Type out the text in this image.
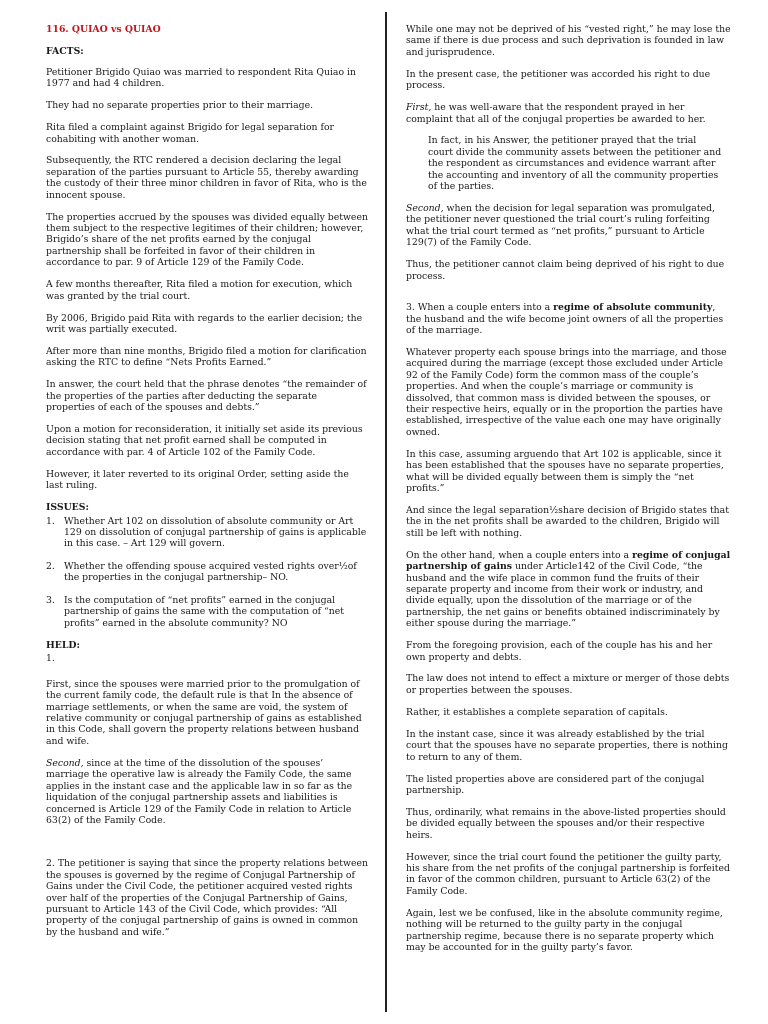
116. QUIAO vs QUIAO

FACTS:

Petitioner Brigido Quiao was married to respondent Rita Quiao in 1977 and had 4 children.

They had no separate properties prior to their marriage.

Rita filed a complaint against Brigido for legal separation for cohabiting with another woman.

Subsequently, the RTC rendered a decision declaring the legal separation of the parties pursuant to Article 55, thereby awarding the custody of their three minor children in favor of Rita, who is the innocent spouse.

The properties accrued by the spouses was divided equally between them subject to the respective legitimes of their children; however, Brigido’s share of the net profits earned by the conjugal partnership shall be forfeited in favor of their children in accordance to par. 9 of Article 129 of the Family Code.

A few months thereafter, Rita filed a motion for execution, which was granted by the trial court.

By 2006, Brigido paid Rita with regards to the earlier decision; the writ was partially executed.

After more than nine months, Brigido filed a motion for clarification asking the RTC to define “Nets Profits Earned.”

In answer, the court held that the phrase denotes “the remainder of the properties of the parties after deducting the separate properties of each of the spouses and debts.”

Upon a motion for reconsideration, it initially set aside its previous decision stating that net profit earned shall be computed in accordance with par. 4 of Article 102 of the Family Code.

However, it later reverted to its original Order, setting aside the last ruling.

ISSUES:

1. Whether Art 102 on dissolution of absolute community or Art 129 on dissolution of conjugal partnership of gains is applicable in this case. – Art 129 will govern.
2. Whether the offending spouse acquired vested rights over½of the properties in the conjugal partnership– NO.
3. Is the computation of “net profits” earned in the conjugal partnership of gains the same with the computation of “net profits” earned in the absolute community? NO

HELD:

1.

First, since the spouses were married prior to the promulgation of the current family code, the default rule is that In the absence of marriage settlements, or when the same are void, the system of relative community or conjugal partnership of gains as established in this Code, shall govern the property relations between husband and wife.

Second, since at the time of the dissolution of the spouses’ marriage the operative law is already the Family Code, the same applies in the instant case and the applicable law in so far as the liquidation of the conjugal partnership assets and liabilities is concerned is Article 129 of the Family Code in relation to Article 63(2) of the Family Code.

2. The petitioner is saying that since the property relations between the spouses is governed by the regime of Conjugal Partnership of Gains under the Civil Code, the petitioner acquired vested rights over half of the properties of the Conjugal Partnership of Gains, pursuant to Article 143 of the Civil Code, which provides: “All property of the conjugal partnership of gains is owned in common by the husband and wife.”

While one may not be deprived of his “vested right,” he may lose the same if there is due process and such deprivation is founded in law and jurisprudence.

In the present case, the petitioner was accorded his right to due process.

First, he was well-aware that the respondent prayed in her complaint that all of the conjugal properties be awarded to her.

In fact, in his Answer, the petitioner prayed that the trial court divide the community assets between the petitioner and the respondent as circumstances and evidence warrant after the accounting and inventory of all the community properties of the parties.

Second, when the decision for legal separation was promulgated, the petitioner never questioned the trial court’s ruling forfeiting what the trial court termed as “net profits,” pursuant to Article 129(7) of the Family Code.

Thus, the petitioner cannot claim being deprived of his right to due process.

3. When a couple enters into a regime of absolute community, the husband and the wife become joint owners of all the properties of the marriage.

Whatever property each spouse brings into the marriage, and those acquired during the marriage (except those excluded under Article 92 of the Family Code) form the common mass of the couple’s properties. And when the couple’s marriage or community is dissolved, that common mass is divided between the spouses, or their respective heirs, equally or in the proportion the parties have established, irrespective of the value each one may have originally owned.

In this case, assuming arguendo that Art 102 is applicable, since it has been established that the spouses have no separate properties, what will be divided equally between them is simply the “net profits.”

And since the legal separation½share decision of Brigido states that the in the net profits shall be awarded to the children, Brigido will still be left with nothing.

On the other hand, when a couple enters into a regime of conjugal partnership of gains under Article142 of the Civil Code, “the husband and the wife place in common fund the fruits of their separate property and income from their work or industry, and divide equally, upon the dissolution of the marriage or of the partnership, the net gains or benefits obtained indiscriminately by either spouse during the marriage.”

From the foregoing provision, each of the couple has his and her own property and debts.

The law does not intend to effect a mixture or merger of those debts or properties between the spouses.

Rather, it establishes a complete separation of capitals.

In the instant case, since it was already established by the trial court that the spouses have no separate properties, there is nothing to return to any of them.

The listed properties above are considered part of the conjugal partnership.

Thus, ordinarily, what remains in the above-listed properties should be divided equally between the spouses and/or their respective heirs.

However, since the trial court found the petitioner the guilty party, his share from the net profits of the conjugal partnership is forfeited in favor of the common children, pursuant to Article 63(2) of the Family Code.

Again, lest we be confused, like in the absolute community regime, nothing will be returned to the guilty party in the conjugal partnership regime, because there is no separate property which may be accounted for in the guilty party’s favor.
